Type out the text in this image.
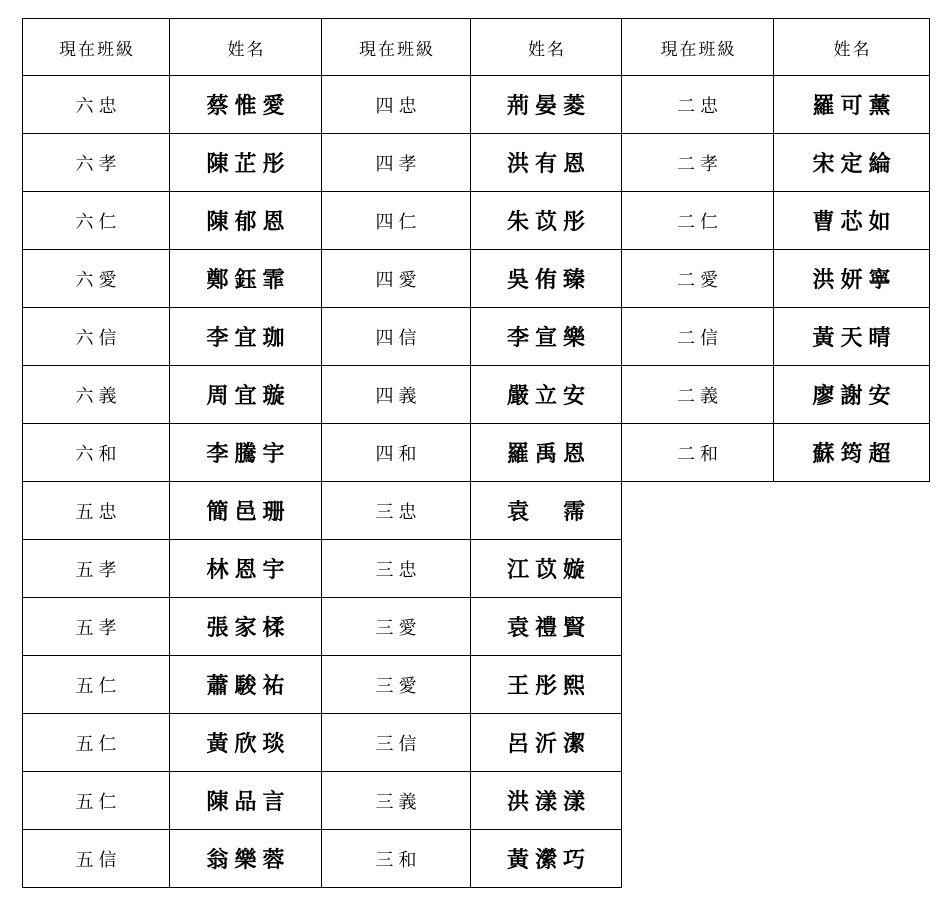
現在班級	姓名	現在班級	姓名	現在班級	姓名
六忠	蔡惟愛	四忠	荊晏菱	二忠	羅可薰
六孝	陳芷彤	四孝	洪有恩	二孝	宋定綸
六仁	陳郁恩	四仁	朱苡彤	二仁	曹芯如
六愛	鄭鈺霏	四愛	吳侑臻	二愛	洪妍寧
六信	李宜珈	四信	李宣樂	二信	黃天晴
六義	周宜璇	四義	嚴立安	二義	廖謝安
六和	李騰宇	四和	羅禹恩	二和	蘇筠超
五忠	簡邑珊	三忠	袁　霈		
五孝	林恩宇	三忠	江苡嫙		
五孝	張家楺	三愛	袁禮賢		
五仁	蕭駿祐	三愛	王彤熙		
五仁	黃欣琰	三信	呂沂潔		
五仁	陳品言	三義	洪漾漾		
五信	翁樂蓉	三和	黃瀠巧		
